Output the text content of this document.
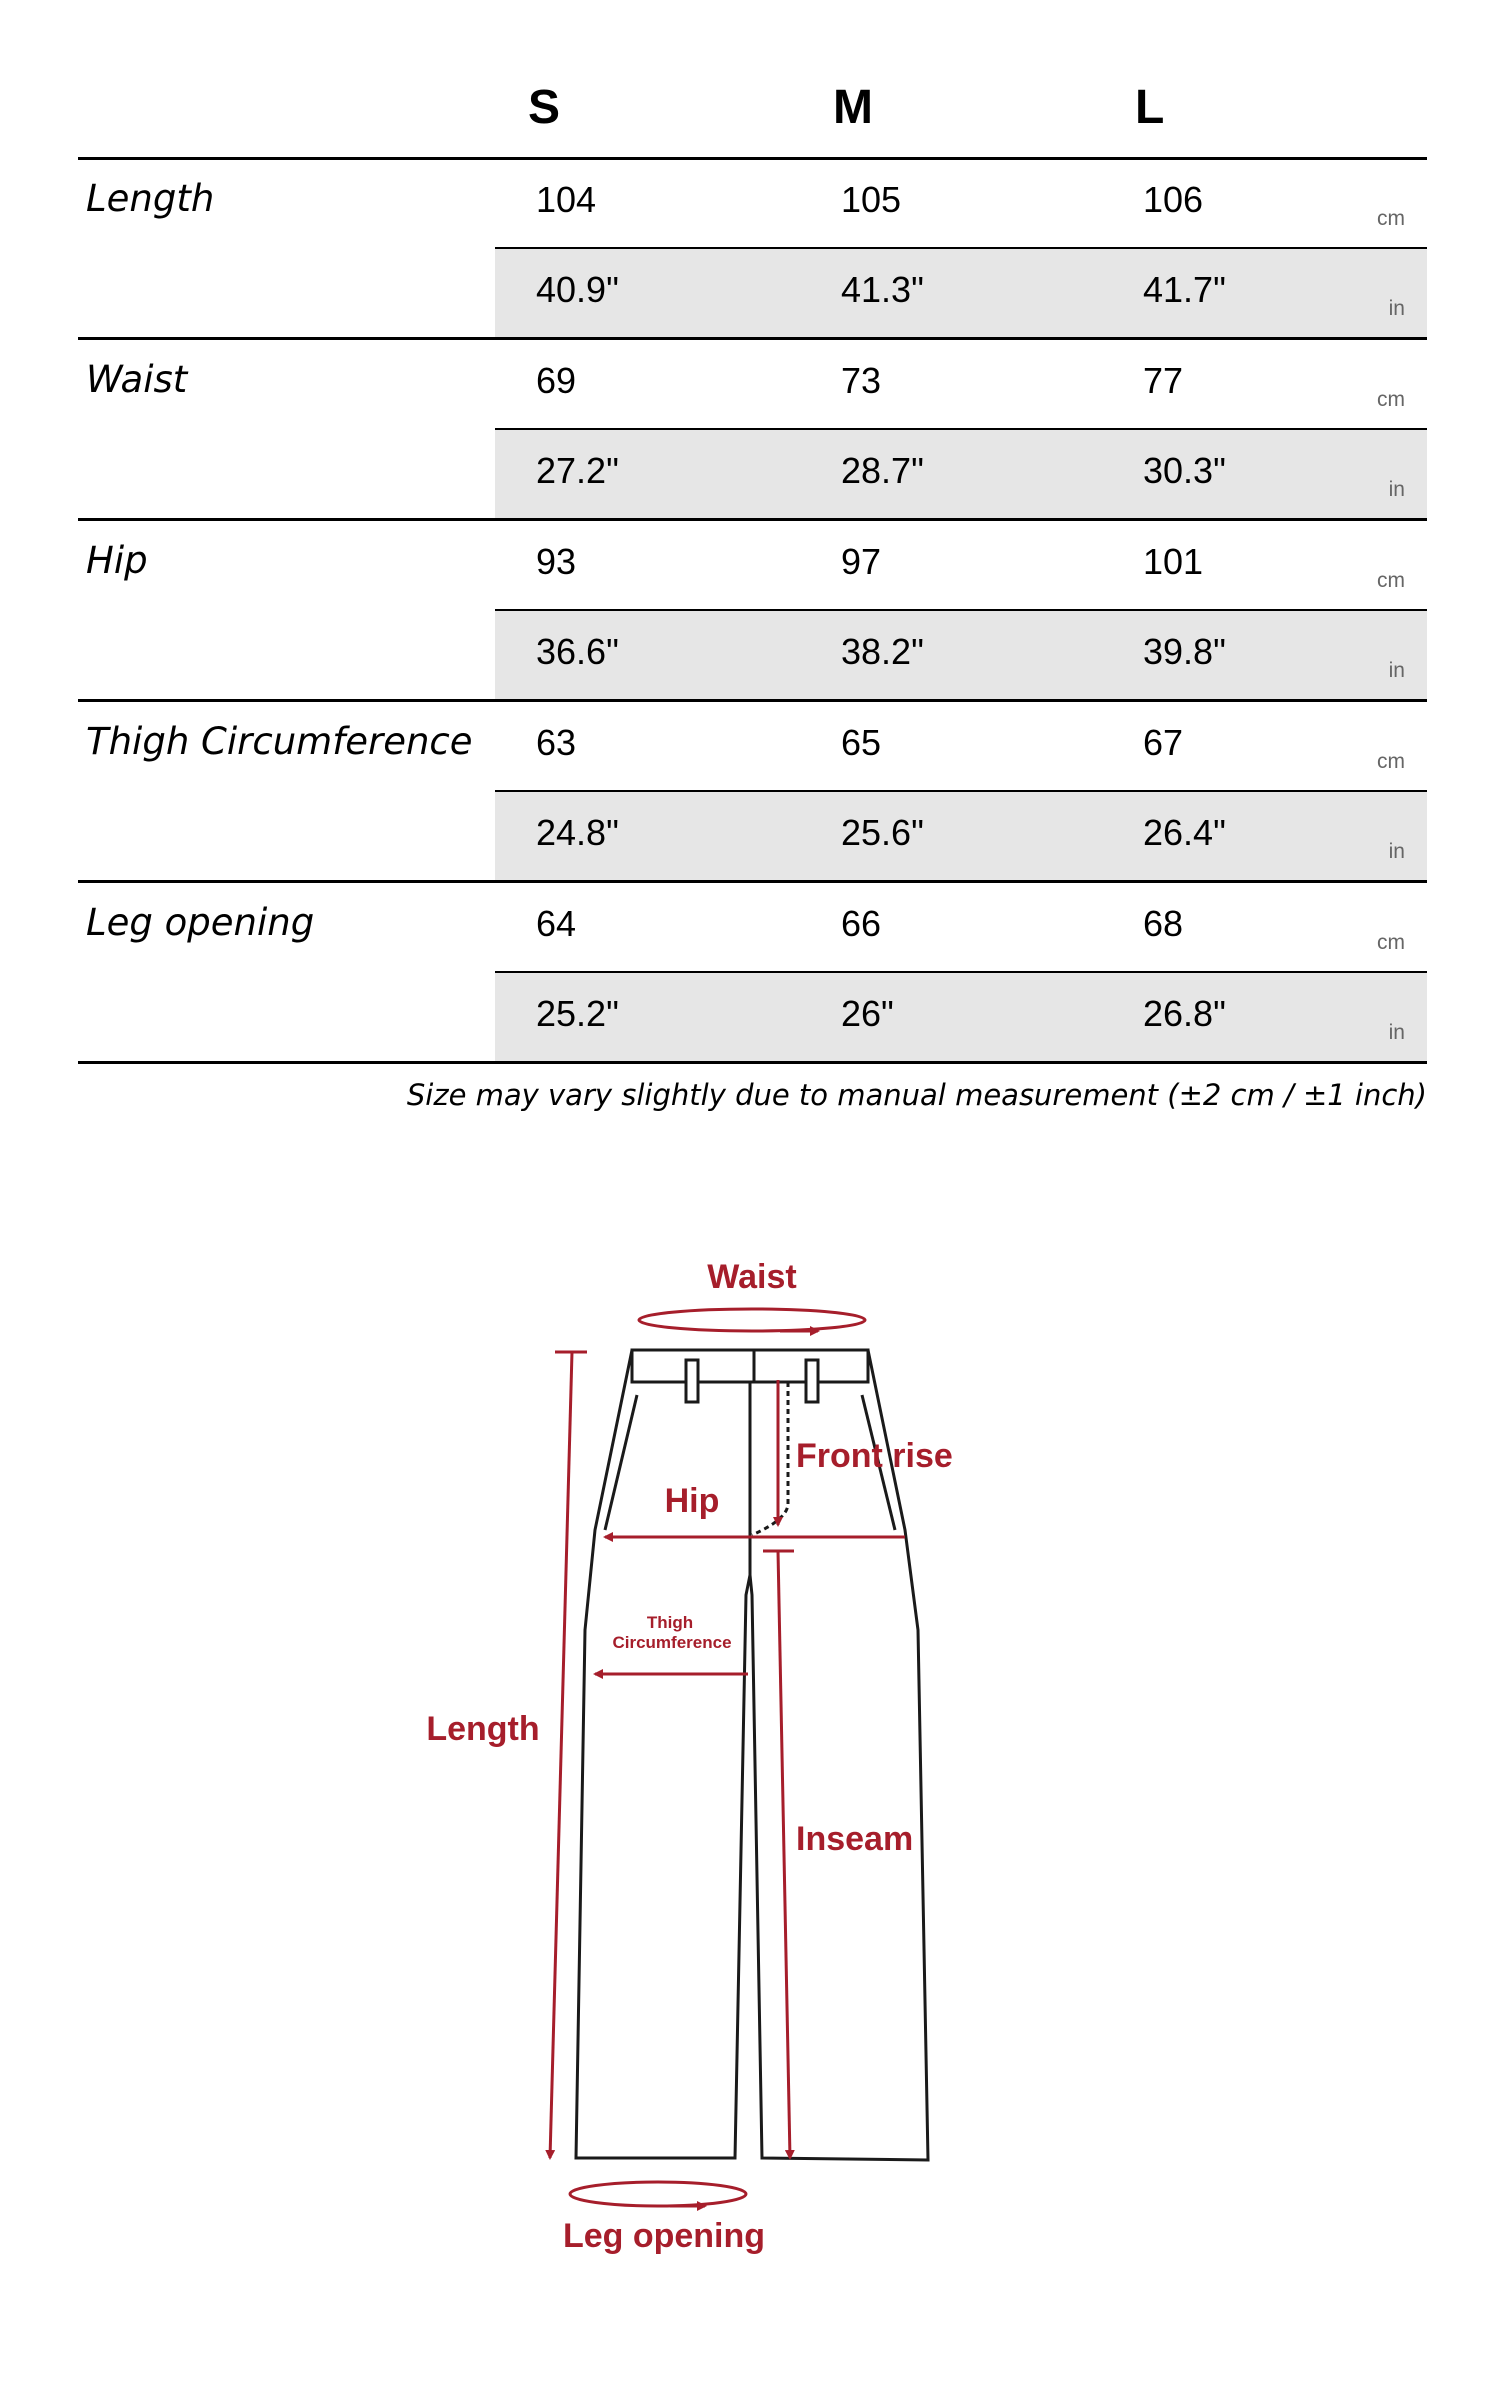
S	M	L
Length	104	105	106	cm
40.9"	41.3"	41.7"	in
Waist	69	73	77	cm
27.2"	28.7"	30.3"	in
Hip	93	97	101	cm
36.6"	38.2"	39.8"	in
Thigh Circumference 63	65	67	cm
24.8"	25.6"	26.4"	in
Leg opening	64	66	68	cm
25.2"	26"	26.8"	in
Size may vary slightly due to manual measurement (±2 cm / ±1 inch)
Length
Waist
Front rise
Hip
Thigh
Circumference
Inseam
Leg opening
